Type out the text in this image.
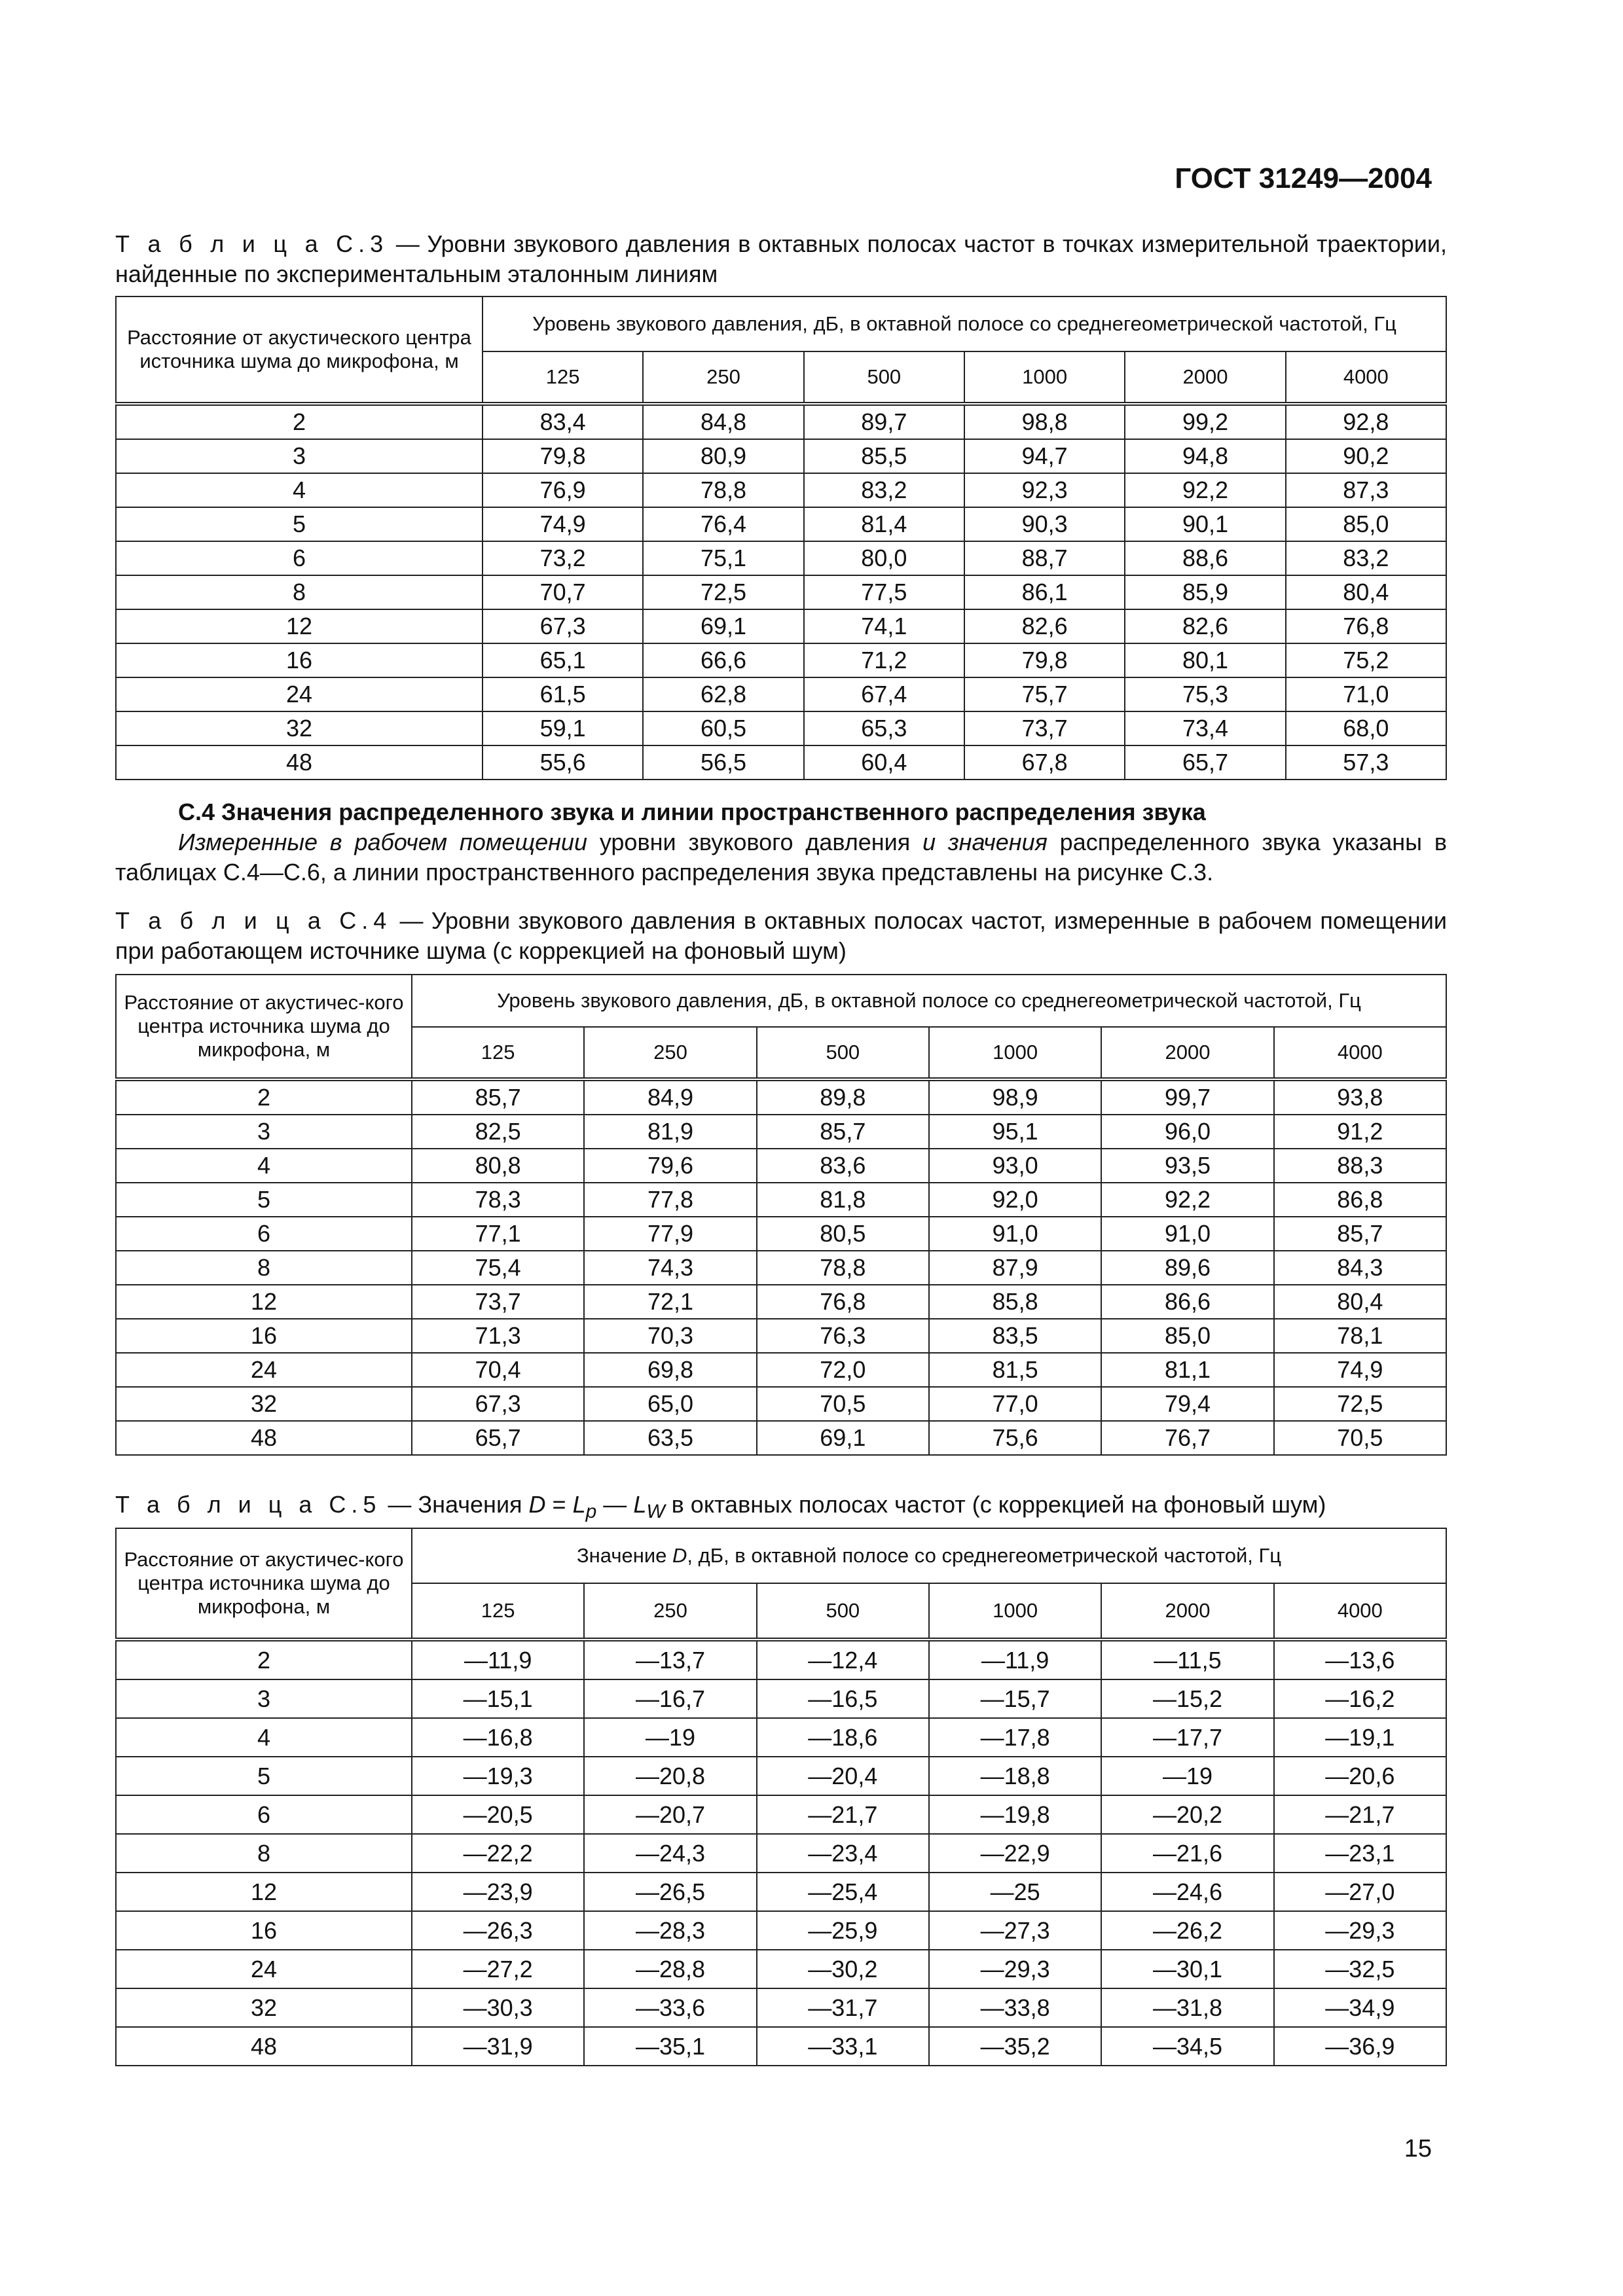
ГОСТ 31249—2004
Т а б л и ц а С.3 — Уровни звукового давления в октавных полосах частот в точках измерительной траектории, найденные по экспериментальным эталонным линиям
Расстояние от акустического центра источника шума до микрофона, м	Уровень звукового давления, дБ, в октавной полосе со среднегеометрической частотой, Гц					
	125	250	500	1000	2000	4000
2	83,4	84,8	89,7	98,8	99,2	92,8
3	79,8	80,9	85,5	94,7	94,8	90,2
4	76,9	78,8	83,2	92,3	92,2	87,3
5	74,9	76,4	81,4	90,3	90,1	85,0
6	73,2	75,1	80,0	88,7	88,6	83,2
8	70,7	72,5	77,5	86,1	85,9	80,4
12	67,3	69,1	74,1	82,6	82,6	76,8
16	65,1	66,6	71,2	79,8	80,1	75,2
24	61,5	62,8	67,4	75,7	75,3	71,0
32	59,1	60,5	65,3	73,7	73,4	68,0
48	55,6	56,5	60,4	67,8	65,7	57,3
С.4 Значения распределенного звука и линии пространственного распределения звука
Измеренные в рабочем помещении уровни звукового давления и значения распределенного звука указаны в таблицах С.4—С.6, а линии пространственного распределения звука представлены на рисунке С.3.
Т а б л и ц а С.4 — Уровни звукового давления в октавных полосах частот, измеренные в рабочем помещении при работающем источнике шума (с коррекцией на фоновый шум)
Расстояние от акустичес-кого центра источника шума до микрофона, м	Уровень звукового давления, дБ, в октавной полосе со среднегеометрической частотой, Гц					
	125	250	500	1000	2000	4000
2	85,7	84,9	89,8	98,9	99,7	93,8
3	82,5	81,9	85,7	95,1	96,0	91,2
4	80,8	79,6	83,6	93,0	93,5	88,3
5	78,3	77,8	81,8	92,0	92,2	86,8
6	77,1	77,9	80,5	91,0	91,0	85,7
8	75,4	74,3	78,8	87,9	89,6	84,3
12	73,7	72,1	76,8	85,8	86,6	80,4
16	71,3	70,3	76,3	83,5	85,0	78,1
24	70,4	69,8	72,0	81,5	81,1	74,9
32	67,3	65,0	70,5	77,0	79,4	72,5
48	65,7	63,5	69,1	75,6	76,7	70,5
Т а б л и ц а С.5 — Значения $D = L_p$ — $L_W$ в октавных полосах частот (с коррекцией на фоновый шум)
Расстояние от акустичес-кого центра источника шума до микрофона, м	Значение D, дБ, в октавной полосе со среднегеометрической частотой, Гц					
	125	250	500	1000	2000	4000
2	—11,9	—13,7	—12,4	—11,9	—11,5	—13,6
3	—15,1	—16,7	—16,5	—15,7	—15,2	—16,2
4	—16,8	—19	—18,6	—17,8	—17,7	—19,1
5	—19,3	—20,8	—20,4	—18,8	—19	—20,6
6	—20,5	—20,7	—21,7	—19,8	—20,2	—21,7
8	—22,2	—24,3	—23,4	—22,9	—21,6	—23,1
12	—23,9	—26,5	—25,4	—25	—24,6	—27,0
16	—26,3	—28,3	—25,9	—27,3	—26,2	—29,3
24	—27,2	—28,8	—30,2	—29,3	—30,1	—32,5
32	—30,3	—33,6	—31,7	—33,8	—31,8	—34,9
48	—31,9	—35,1	—33,1	—35,2	—34,5	—36,9
15
